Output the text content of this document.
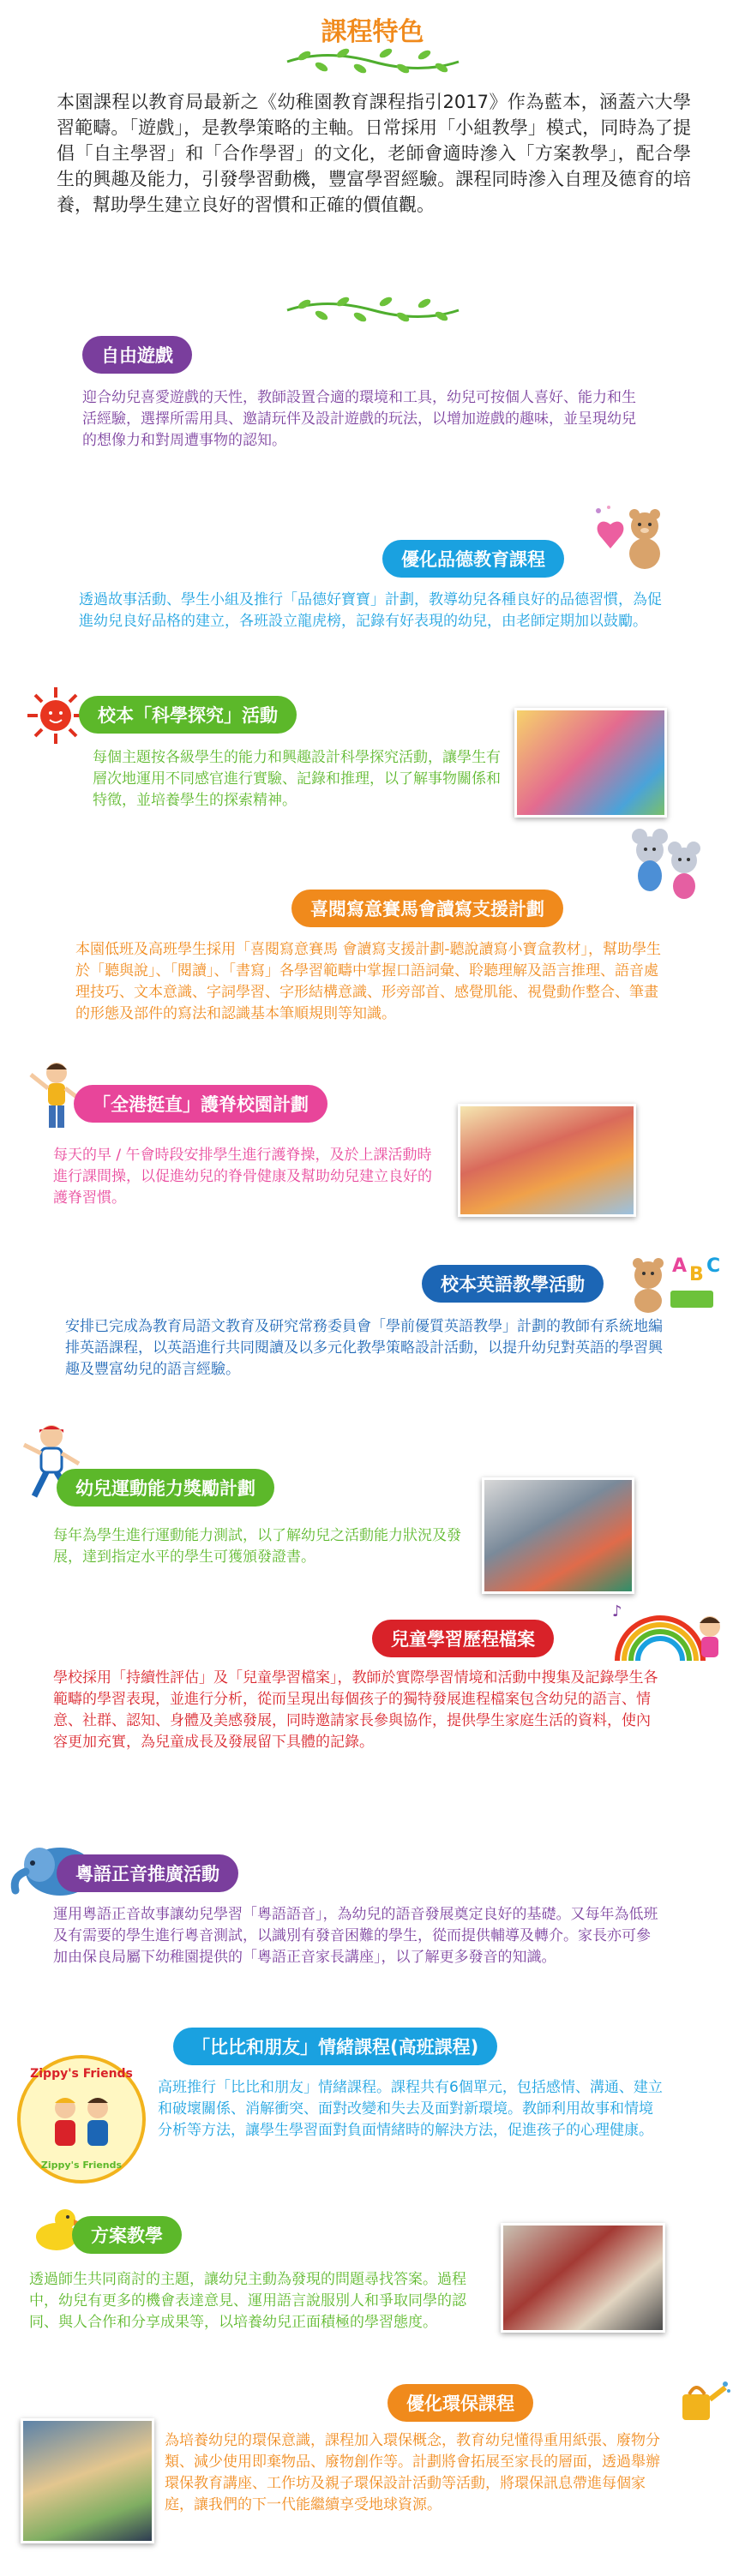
課程特色
本園課程以教育局最新之《幼稚園教育課程指引2017》作為藍本，涵蓋六大學習範疇。「遊戲」，是教學策略的主軸。日常採用「小組教學」模式，同時為了提倡「自主學習」和「合作學習」的文化，老師會適時滲入「方案教學」，配合學生的興趣及能力，引發學習動機，豐富學習經驗。課程同時滲入自理及德育的培養，幫助學生建立良好的習慣和正確的價值觀。
自由遊戲
迎合幼兒喜愛遊戲的天性，教師設置合適的環境和工具，幼兒可按個人喜好、能力和生活經驗，選擇所需用具、邀請玩伴及設計遊戲的玩法，以增加遊戲的趣味，並呈現幼兒的想像力和對周遭事物的認知。
優化品德教育課程
透過故事活動、學生小組及推行「品德好寶寶」計劃，教導幼兒各種良好的品德習慣，為促進幼兒良好品格的建立，各班設立龍虎榜，記錄有好表現的幼兒，由老師定期加以鼓勵。
校本「科學探究」活動
每個主題按各級學生的能力和興趣設計科學探究活動，讓學生有層次地運用不同感官進行實驗、記錄和推理，以了解事物關係和特徵，並培養學生的探索精神。
喜閱寫意賽馬會讀寫支援計劃
本園低班及高班學生採用「喜閱寫意賽馬 會讀寫支援計劃-聽說讀寫小寶盒教材」，幫助學生於「聽與說」、「閱讀」、「書寫」各學習範疇中掌握口語詞彙、聆聽理解及語言推理、語音處理技巧、文本意識、字詞學習、字形結構意識、形旁部首、感覺肌能、視覺動作整合、筆畫的形態及部件的寫法和認識基本筆順規則等知識。
「全港挺直」護脊校園計劃
每天的早 / 午會時段安排學生進行護脊操，及於上課活動時進行課間操，以促進幼兒的脊骨健康及幫助幼兒建立良好的護脊習慣。
校本英語教學活動
A B C
安排已完成為教育局語文教育及研究常務委員會「學前優質英語教學」計劃的教師有系統地編排英語課程，以英語進行共同閱讀及以多元化教學策略設計活動，以提升幼兒對英語的學習興趣及豐富幼兒的語言經驗。
幼兒運動能力獎勵計劃
每年為學生進行運動能力測試，以了解幼兒之活動能力狀況及發展，達到指定水平的學生可獲頒發證書。
兒童學習歷程檔案
♪
學校採用「持續性評估」及「兒童學習檔案」，教師於實際學習情境和活動中搜集及記錄學生各範疇的學習表現，並進行分析，從而呈現出每個孩子的獨特發展進程檔案包含幼兒的語言、情意、社群、認知、身體及美感發展，同時邀請家長參與協作，提供學生家庭生活的資料，使內容更加充實，為兒童成長及發展留下具體的記錄。
粵語正音推廣活動
運用粵語正音故事讓幼兒學習「粵語語音」，為幼兒的語音發展奠定良好的基礎。又每年為低班及有需要的學生進行粵音測試，以識別有發音困難的學生，從而提供輔導及轉介。家長亦可參加由保良局屬下幼稚園提供的「粵語正音家長講座」，以了解更多發音的知識。
「比比和朋友」情緒課程(高班課程)
Zippy's Friends
Zippy's Friends
高班推行「比比和朋友」情緒課程。課程共有6個單元，包括感情、溝通、建立和破壞關係、消解衝突、面對改變和失去及面對新環境。教師利用故事和情境分析等方法，讓學生學習面對負面情緒時的解決方法，促進孩子的心理健康。
方案教學
透過師生共同商討的主題，讓幼兒主動為發現的問題尋找答案。過程中，幼兒有更多的機會表達意見、運用語言說服別人和爭取同學的認同、與人合作和分享成果等，以培養幼兒正面積極的學習態度。
優化環保課程
為培養幼兒的環保意識，課程加入環保概念，教育幼兒懂得重用紙張、廢物分類、減少使用即棄物品、廢物創作等。計劃將會拓展至家長的層面，透過舉辦環保教育講座、工作坊及親子環保設計活動等活動，將環保訊息帶進每個家庭，讓我們的下一代能繼續享受地球資源。
